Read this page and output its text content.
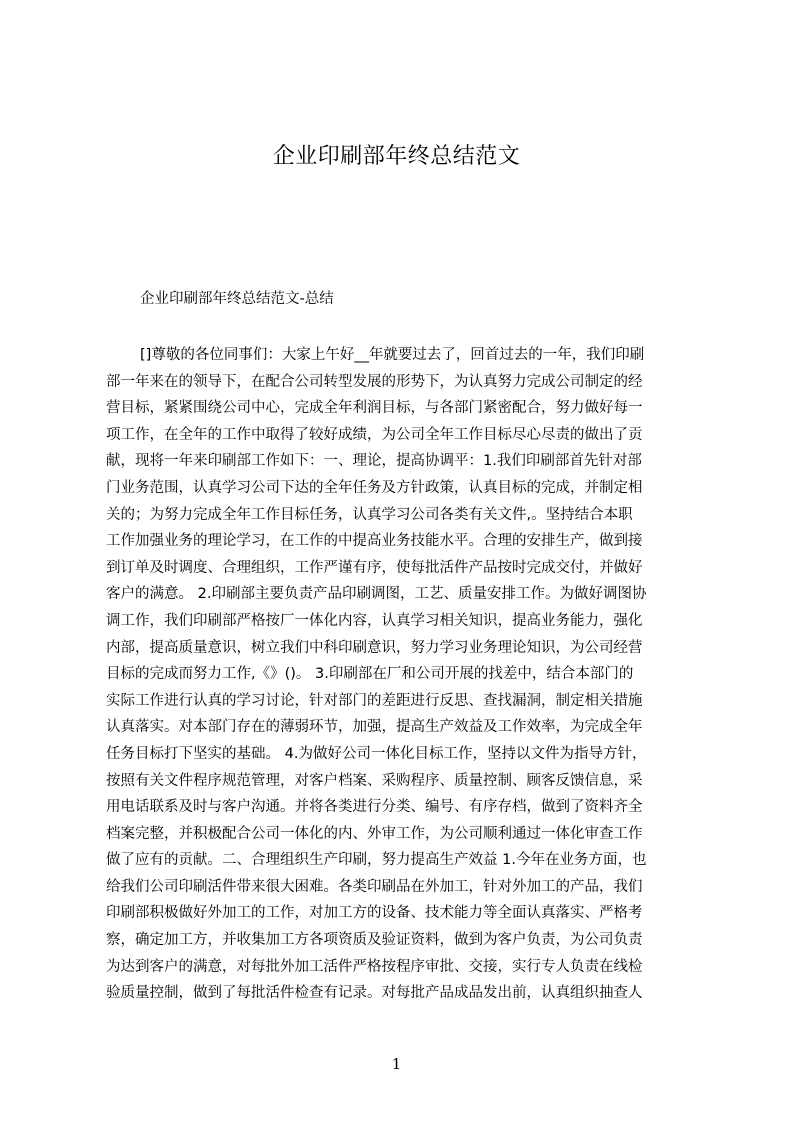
企业印刷部年终总结范文
企业印刷部年终总结范文-总结
[]尊敬的各位同事们：大家上午好__年就要过去了，回首过去的一年，我们印刷
部一年来在的领导下，在配合公司转型发展的形势下，为认真努力完成公司制定的经
营目标，紧紧围绕公司中心，完成全年利润目标，与各部门紧密配合，努力做好每一
项工作，在全年的工作中取得了较好成绩，为公司全年工作目标尽心尽责的做出了贡
献，现将一年来印刷部工作如下：一、理论，提高协调平：1.我们印刷部首先针对部
门业务范围，认真学习公司下达的全年任务及方针政策，认真目标的完成，并制定相
关的；为努力完成全年工作目标任务，认真学习公司各类有关文件,。坚持结合本职
工作加强业务的理论学习，在工作的中提高业务技能水平。合理的安排生产，做到接
到订单及时调度、合理组织，工作严谨有序，使每批活件产品按时完成交付，并做好
客户的满意。 2.印刷部主要负责产品印刷调图，工艺、质量安排工作。为做好调图协
调工作，我们印刷部严格按厂一体化内容，认真学习相关知识，提高业务能力，强化
内部，提高质量意识，树立我们中科印刷意识，努力学习业务理论知识，为公司经营
目标的完成而努力工作,《》()。 3.印刷部在厂和公司开展的找差中，结合本部门的
实际工作进行认真的学习讨论，针对部门的差距进行反思、查找漏洞，制定相关措施
认真落实。对本部门存在的薄弱环节，加强，提高生产效益及工作效率，为完成全年
任务目标打下坚实的基础。 4.为做好公司一体化目标工作，坚持以文件为指导方针，
按照有关文件程序规范管理，对客户档案、采购程序、质量控制、顾客反馈信息，采
用电话联系及时与客户沟通。并将各类进行分类、编号、有序存档，做到了资料齐全
档案完整，并积极配合公司一体化的内、外审工作，为公司顺利通过一体化审查工作
做了应有的贡献。二、合理组织生产印刷，努力提高生产效益 1.今年在业务方面，也
给我们公司印刷活件带来很大困难。各类印刷品在外加工，针对外加工的产品，我们
印刷部积极做好外加工的工作，对加工方的设备、技术能力等全面认真落实、严格考
察，确定加工方，并收集加工方各项资质及验证资料，做到为客户负责，为公司负责
为达到客户的满意，对每批外加工活件严格按程序审批、交接，实行专人负责在线检
验质量控制，做到了每批活件检查有记录。对每批产品成品发出前，认真组织抽查人
1
